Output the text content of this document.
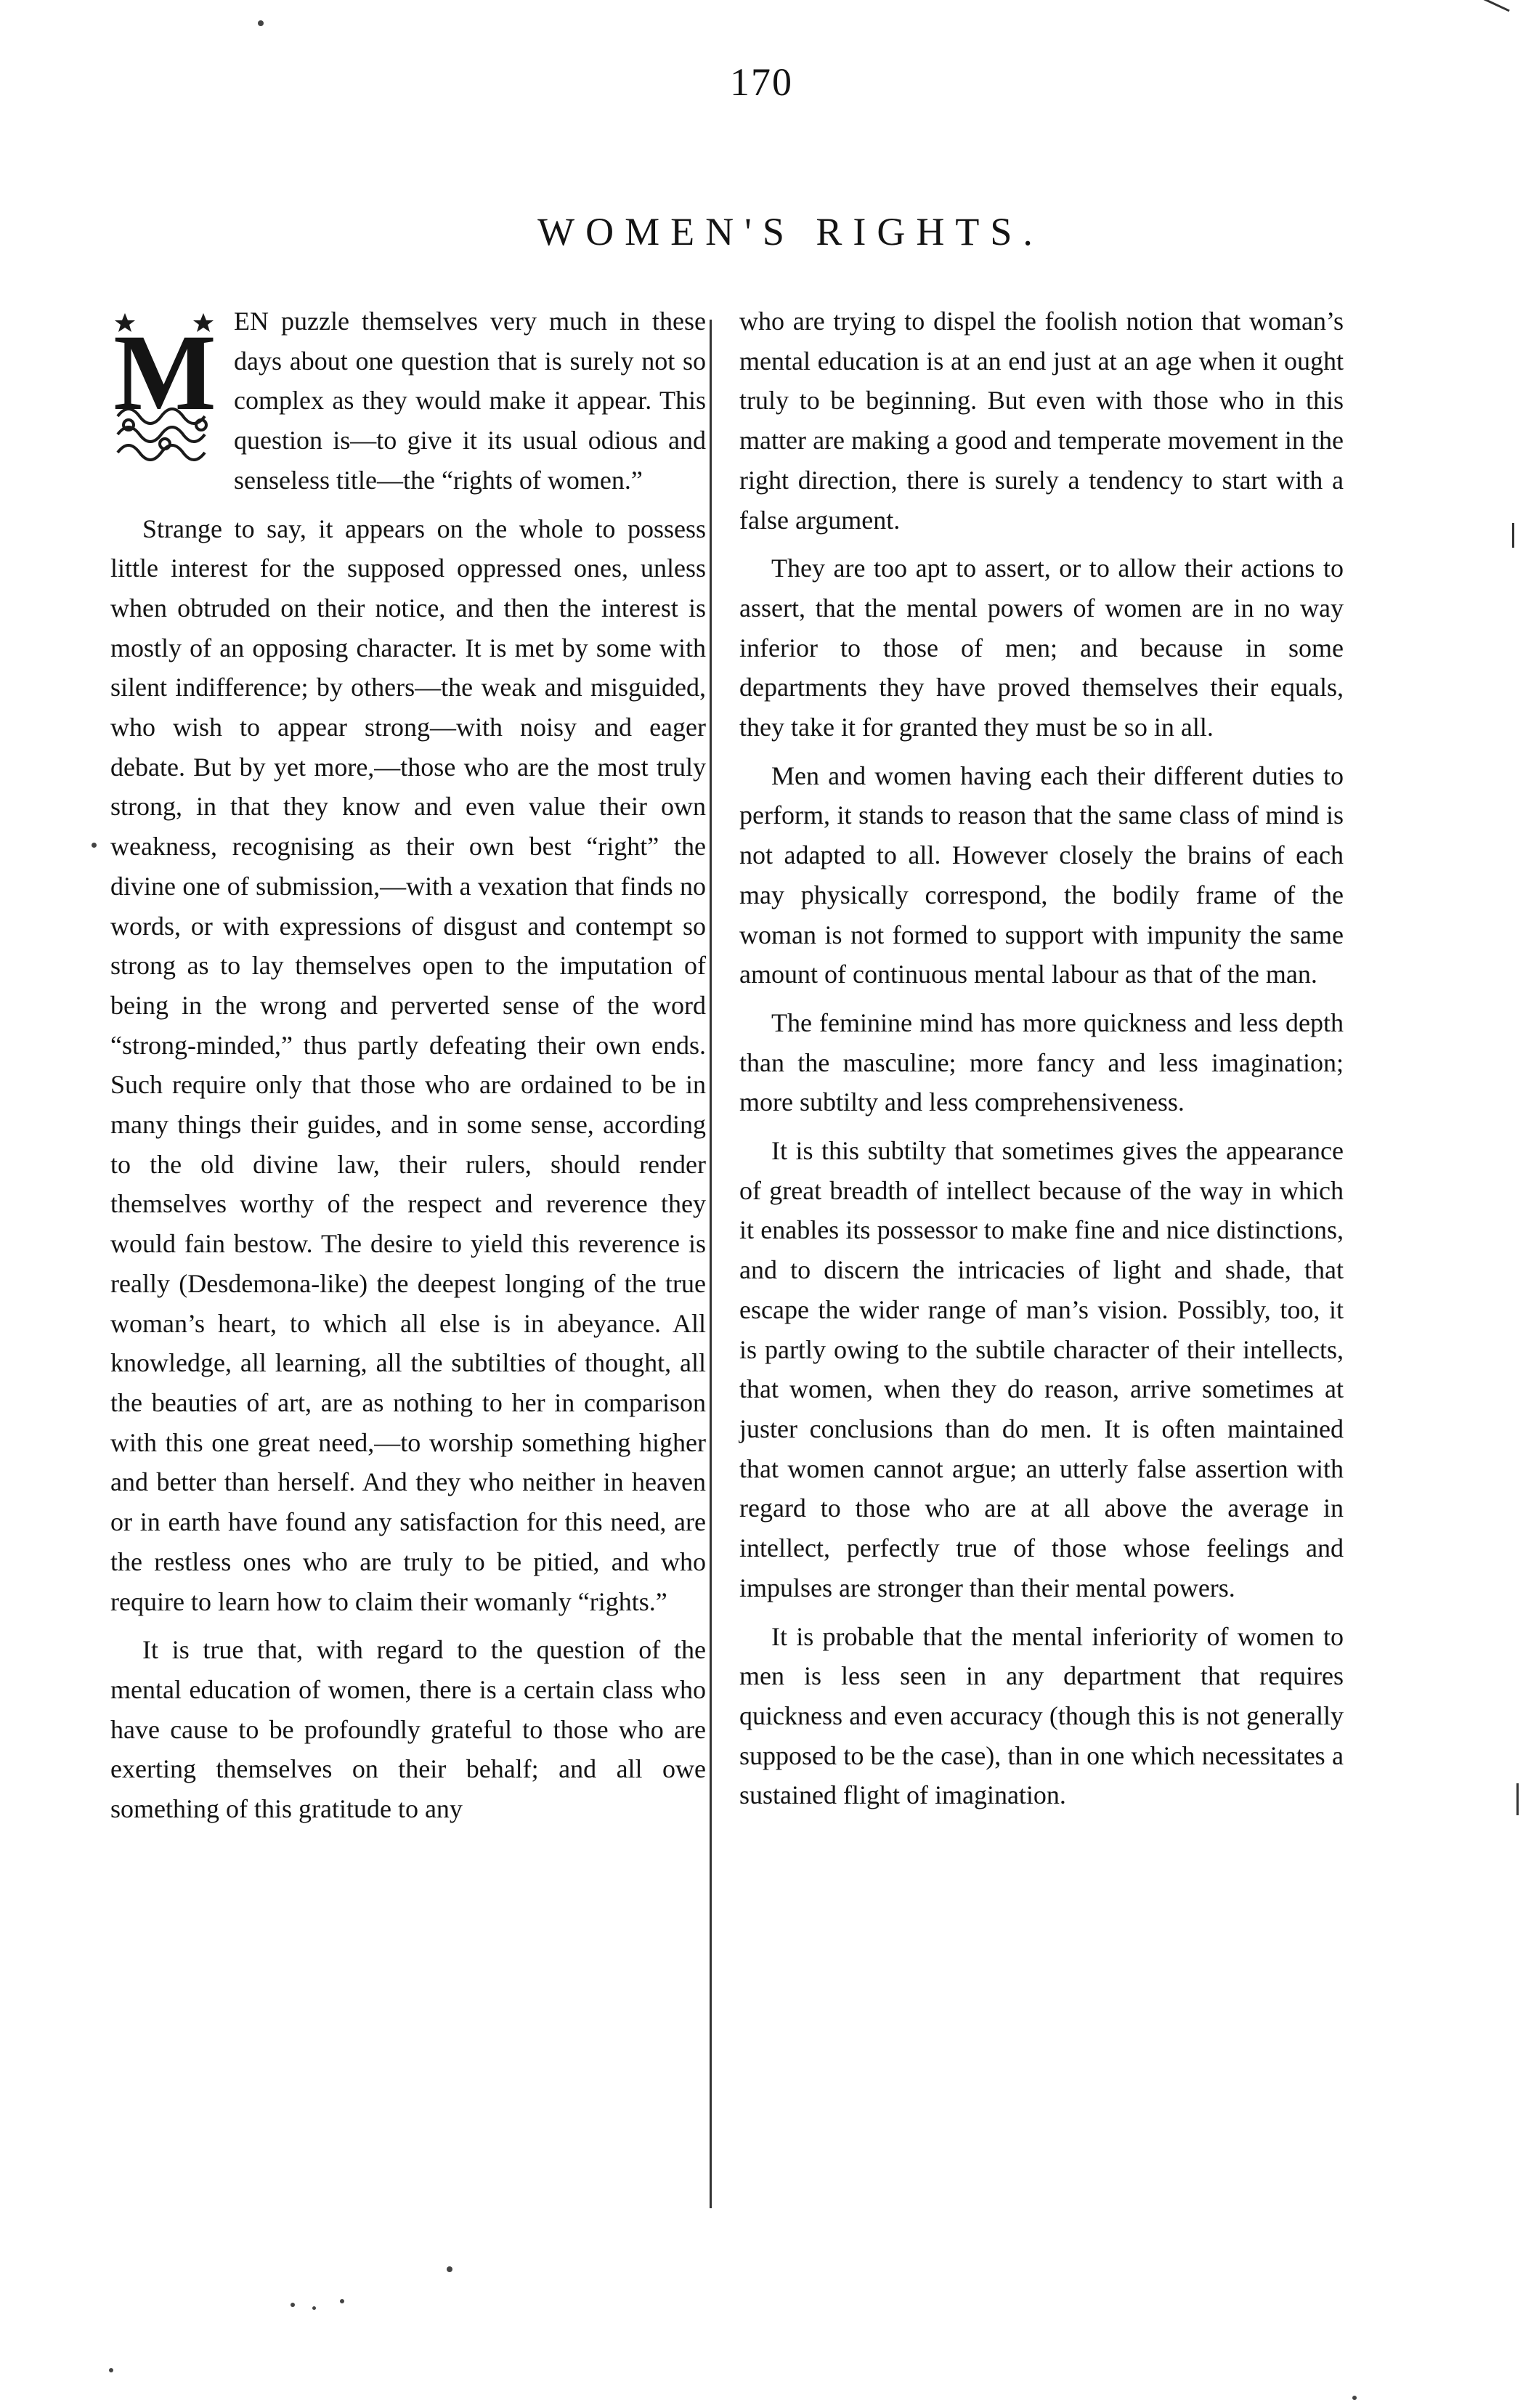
170
WOMEN'S RIGHTS.

M EN puzzle themselves very much in these days about one question that is surely not so complex as they would make it appear. This question is—to give it its usual odious and senseless title—the “rights of women.”

Strange to say, it appears on the whole to possess little interest for the supposed oppressed ones, unless when obtruded on their notice, and then the interest is mostly of an opposing character. It is met by some with silent indifference; by others—the weak and misguided, who wish to appear strong—with noisy and eager debate. But by yet more,—those who are the most truly strong, in that they know and even value their own weakness, recognising as their own best “right” the divine one of submission,—with a vexation that finds no words, or with expressions of disgust and contempt so strong as to lay themselves open to the imputation of being in the wrong and perverted sense of the word “strong-minded,” thus partly defeating their own ends. Such require only that those who are ordained to be in many things their guides, and in some sense, according to the old divine law, their rulers, should render themselves worthy of the respect and reverence they would fain bestow. The desire to yield this reverence is really (Desdemona-like) the deepest longing of the true woman’s heart, to which all else is in abeyance. All knowledge, all learning, all the subtilties of thought, all the beauties of art, are as nothing to her in comparison with this one great need,—to worship something higher and better than herself. And they who neither in heaven or in earth have found any satisfaction for this need, are the restless ones who are truly to be pitied, and who require to learn how to claim their womanly “rights.”

It is true that, with regard to the question of the mental education of women, there is a certain class who have cause to be profoundly grateful to those who are exerting themselves on their behalf; and all owe something of this gratitude to any

who are trying to dispel the foolish notion that woman’s mental education is at an end just at an age when it ought truly to be beginning. But even with those who in this matter are making a good and temperate movement in the right direction, there is surely a tendency to start with a false argument.

They are too apt to assert, or to allow their actions to assert, that the mental powers of women are in no way inferior to those of men; and because in some departments they have proved themselves their equals, they take it for granted they must be so in all.

Men and women having each their different duties to perform, it stands to reason that the same class of mind is not adapted to all. However closely the brains of each may physically correspond, the bodily frame of the woman is not formed to support with impunity the same amount of continuous mental labour as that of the man.

The feminine mind has more quickness and less depth than the masculine; more fancy and less imagination; more subtilty and less comprehensiveness.

It is this subtilty that sometimes gives the appearance of great breadth of intellect because of the way in which it enables its possessor to make fine and nice distinctions, and to discern the intricacies of light and shade, that escape the wider range of man’s vision. Possibly, too, it is partly owing to the subtile character of their intellects, that women, when they do reason, arrive sometimes at juster conclusions than do men. It is often maintained that women cannot argue; an utterly false assertion with regard to those who are at all above the average in intellect, perfectly true of those whose feelings and impulses are stronger than their mental powers.

It is probable that the mental inferiority of women to men is less seen in any department that requires quickness and even accuracy (though this is not generally supposed to be the case), than in one which necessitates a sustained flight of imagination.
